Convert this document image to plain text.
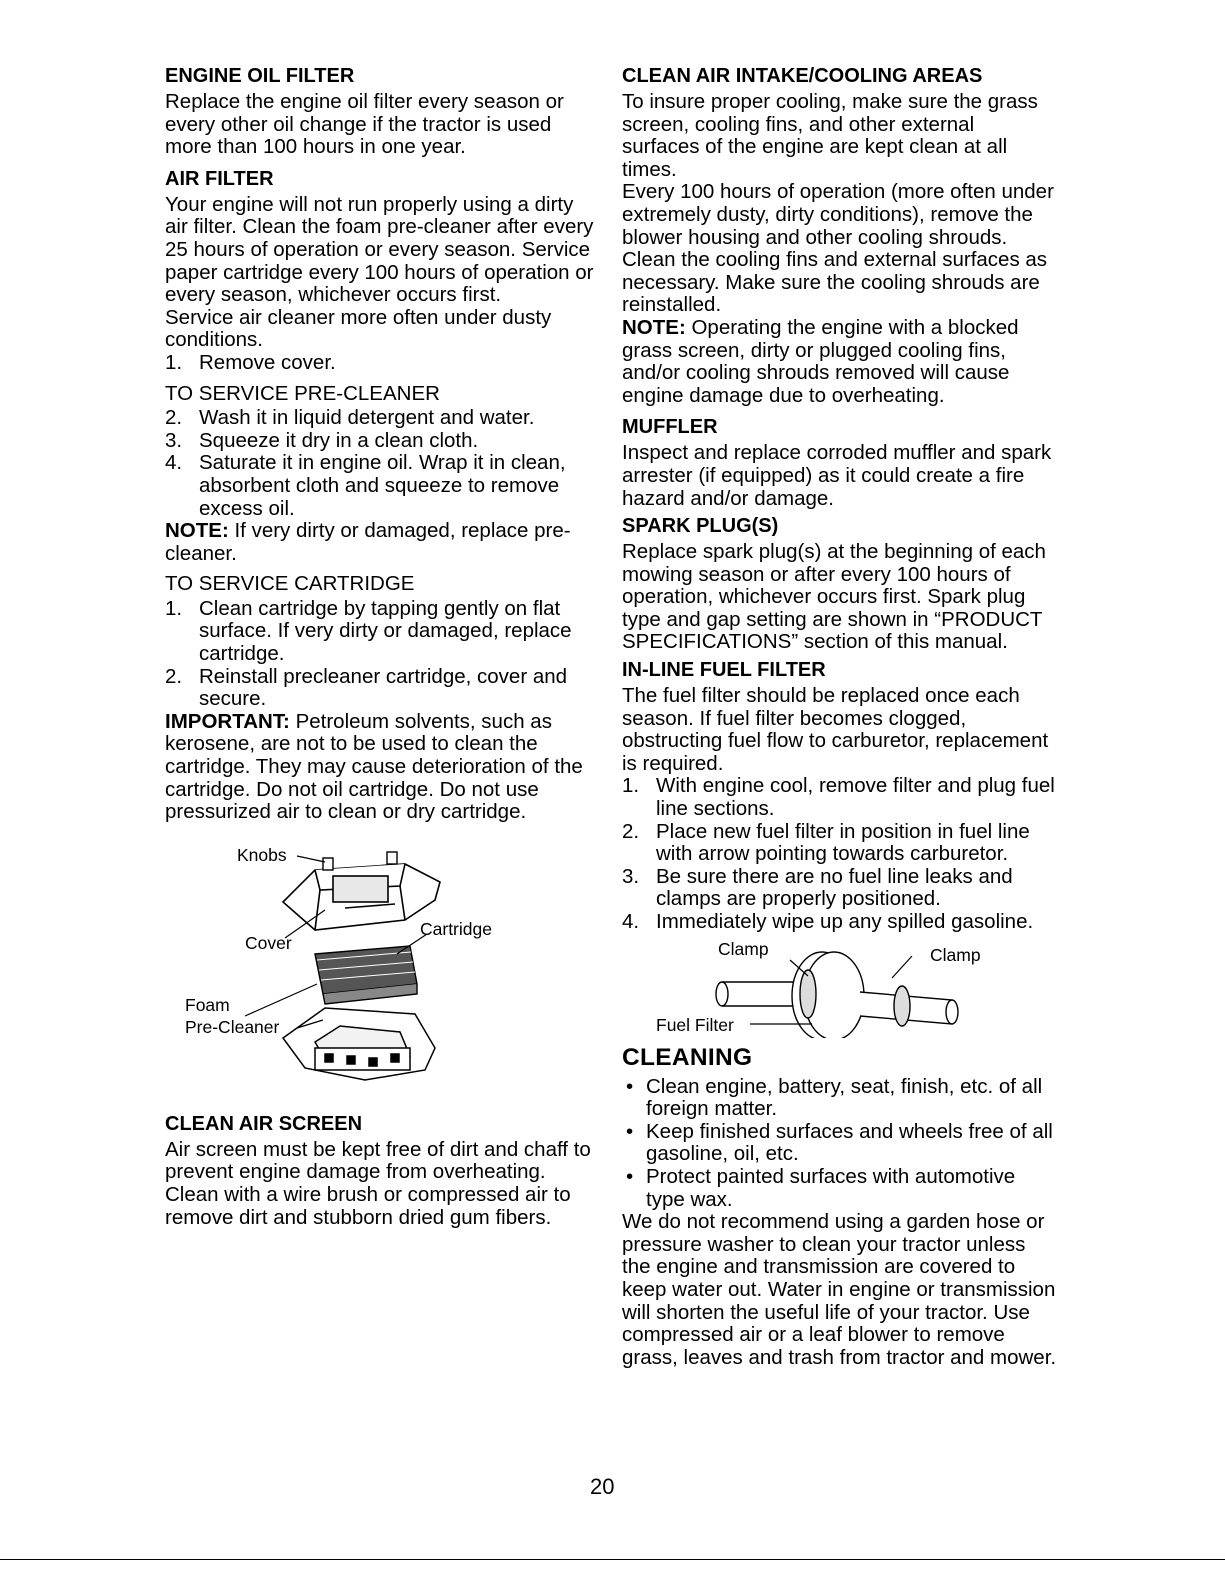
ENGINE OIL FILTER

Replace the engine oil filter every season or every other oil change if the tractor is used more than 100 hours in one year.

AIR FILTER

Your engine will not run properly using a dirty air filter. Clean the foam pre-cleaner after every 25 hours of operation or every season. Service paper cartridge every 100 hours of operation or every season, whichever occurs first.

Service air cleaner more often under dusty conditions.

1. Remove cover.
TO SERVICE PRE-CLEANER
2. Wash it in liquid detergent and water.
3. Squeeze it dry in a clean cloth.
4. Saturate it in engine oil. Wrap it in clean, absorbent cloth and squeeze to remove excess oil.

NOTE: If very dirty or damaged, replace pre-cleaner.

TO SERVICE CARTRIDGE
1. Clean cartridge by tapping gently on flat surface. If very dirty or damaged, replace cartridge.
2. Reinstall precleaner cartridge, cover and secure.

IMPORTANT: Petroleum solvents, such as kerosene, are not to be used to clean the cartridge. They may cause deterioration of the cartridge. Do not oil cartridge. Do not use pressurized air to clean or dry cartridge.

Knobs
Cover
Cartridge
Foam
Pre-Cleaner
CLEAN AIR SCREEN

Air screen must be kept free of dirt and chaff to prevent engine damage from overheating. Clean with a wire brush or compressed air to remove dirt and stubborn dried gum fibers.

CLEAN AIR INTAKE/COOLING AREAS

To insure proper cooling, make sure the grass screen, cooling fins, and other external surfaces of the engine are kept clean at all times.

Every 100 hours of operation (more often under extremely dusty, dirty conditions), remove the blower housing and other cooling shrouds. Clean the cooling fins and external surfaces as necessary. Make sure the cooling shrouds are reinstalled.

NOTE: Operating the engine with a blocked grass screen, dirty or plugged cooling fins, and/or cooling shrouds removed will cause engine damage due to overheating.

MUFFLER

Inspect and replace corroded muffler and spark arrester (if equipped) as it could create a fire hazard and/or damage.

SPARK PLUG(S)

Replace spark plug(s) at the beginning of each mowing season or after every 100 hours of operation, whichever occurs first. Spark plug type and gap setting are shown in “PRODUCT SPECIFICATIONS” section of this manual.

IN-LINE FUEL FILTER

The fuel filter should be replaced once each season. If fuel filter becomes clogged, obstructing fuel flow to carburetor, replacement is required.

1. With engine cool, remove filter and plug fuel line sections.
2. Place new fuel filter in position in fuel line with arrow pointing towards carburetor.
3. Be sure there are no fuel line leaks and clamps are properly positioned.
4. Immediately wipe up any spilled gasoline.
Clamp	Clamp
Fuel Filter
CLEANING
• Clean engine, battery, seat, finish, etc. of all foreign matter.
• Keep finished surfaces and wheels free of all gasoline, oil, etc.
• Protect painted surfaces with automotive type wax.

We do not recommend using a garden hose or pressure washer to clean your tractor unless the engine and transmission are covered to keep water out. Water in engine or transmission will shorten the useful life of your tractor. Use compressed air or a leaf blower to remove grass, leaves and trash from tractor and mower.

20
